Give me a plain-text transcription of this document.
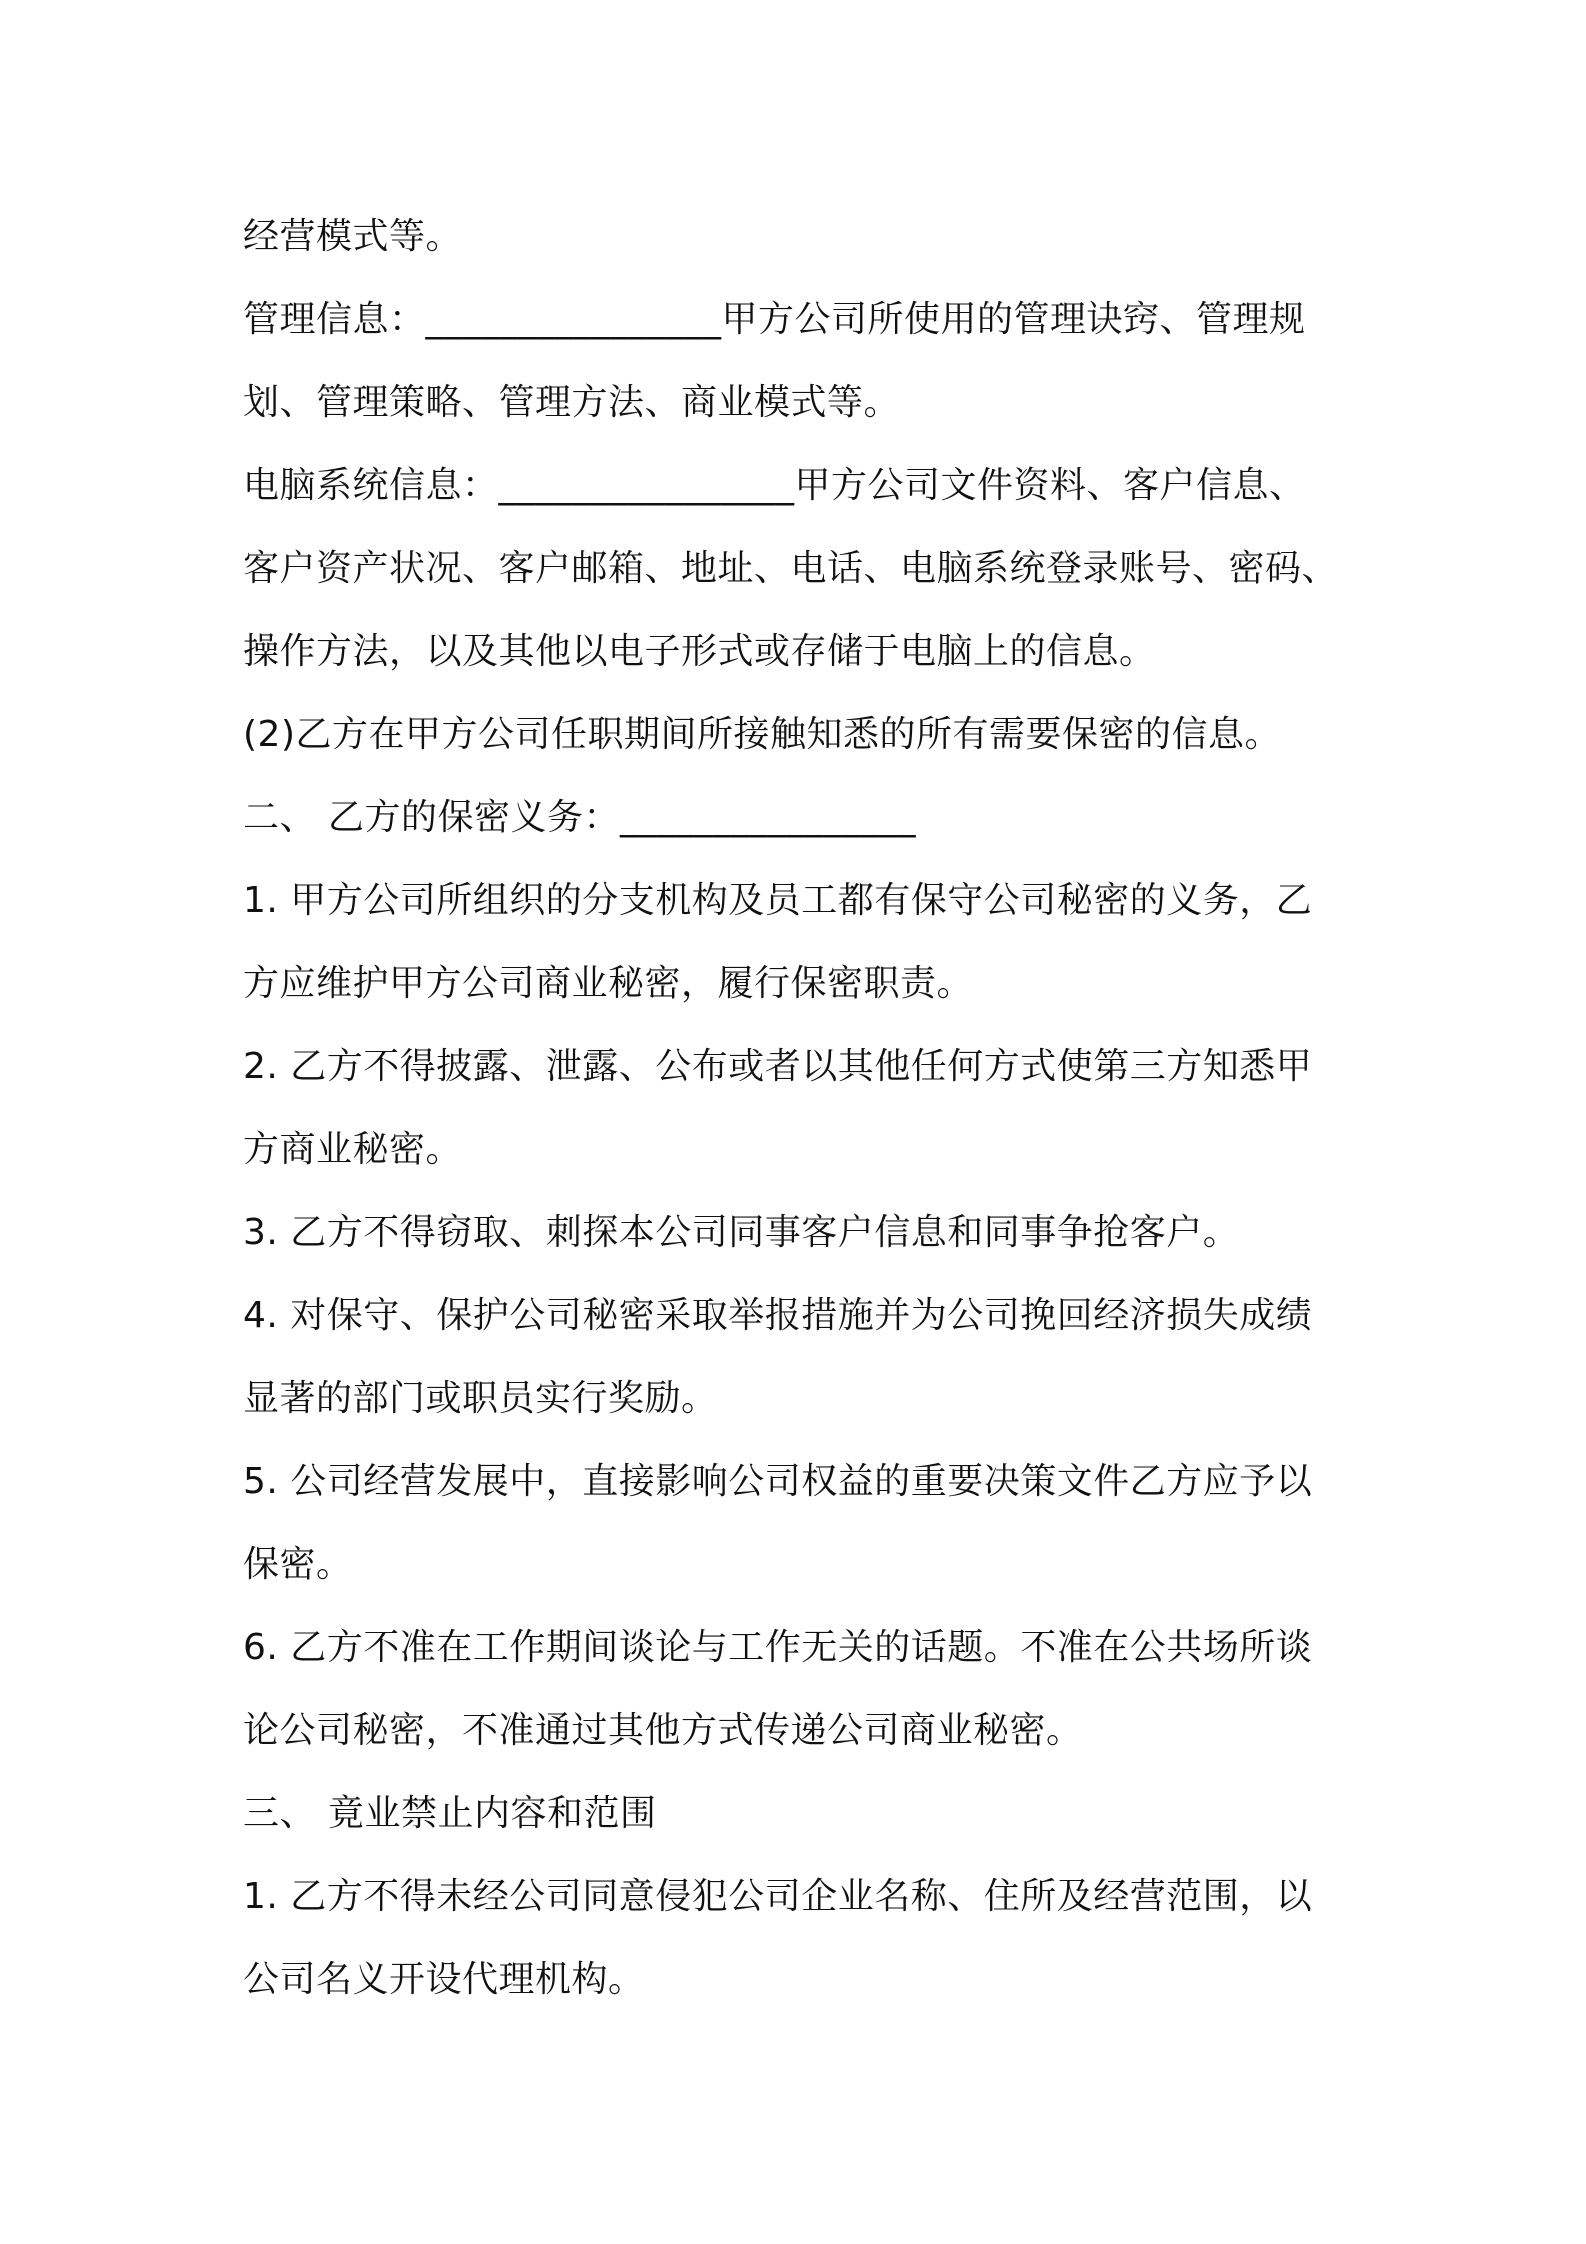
经营模式等。
管理信息：________________甲方公司所使用的管理诀窍、管理规
划、管理策略、管理方法、商业模式等。
电脑系统信息：________________甲方公司文件资料、客户信息、
客户资产状况、客户邮箱、地址、电话、电脑系统登录账号、密码、
操作方法，以及其他以电子形式或存储于电脑上的信息。
(2)乙方在甲方公司任职期间所接触知悉的所有需要保密的信息。
二、 乙方的保密义务：________________
1. 甲方公司所组织的分支机构及员工都有保守公司秘密的义务，乙
方应维护甲方公司商业秘密，履行保密职责。
2. 乙方不得披露、泄露、公布或者以其他任何方式使第三方知悉甲
方商业秘密。
3. 乙方不得窃取、刺探本公司同事客户信息和同事争抢客户。
4. 对保守、保护公司秘密采取举报措施并为公司挽回经济损失成绩
显著的部门或职员实行奖励。
5. 公司经营发展中，直接影响公司权益的重要决策文件乙方应予以
保密。
6. 乙方不准在工作期间谈论与工作无关的话题。不准在公共场所谈
论公司秘密，不准通过其他方式传递公司商业秘密。
三、 竟业禁止内容和范围
1. 乙方不得未经公司同意侵犯公司企业名称、住所及经营范围，以
公司名义开设代理机构。
